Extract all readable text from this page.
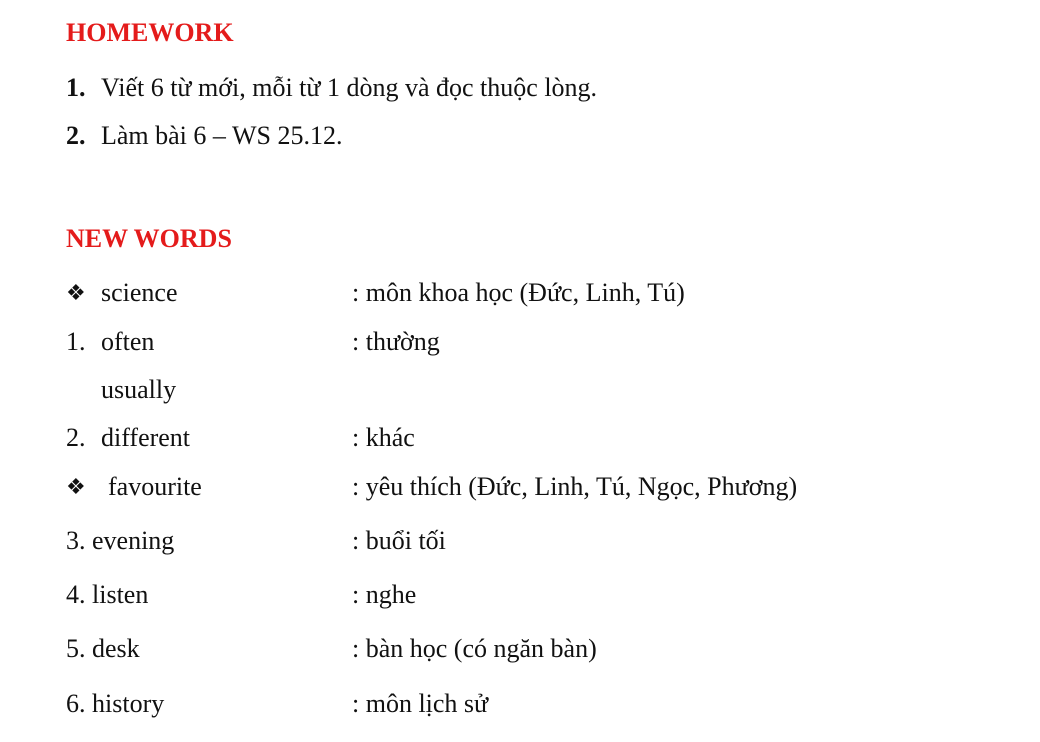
HOMEWORK
1. Viết 6 từ mới, mỗi từ 1 dòng và đọc thuộc lòng.
2. Làm bài 6 – WS 25.12.
NEW WORDS
❖ science	: môn khoa học (Đức, Linh, Tú)
1. often	: thường
usually
2. different	: khác
❖ favourite	: yêu thích (Đức, Linh, Tú, Ngọc, Phương)
3. evening	: buổi tối
4. listen	: nghe
5. desk	: bàn học (có ngăn bàn)
6. history	: môn lịch sử
